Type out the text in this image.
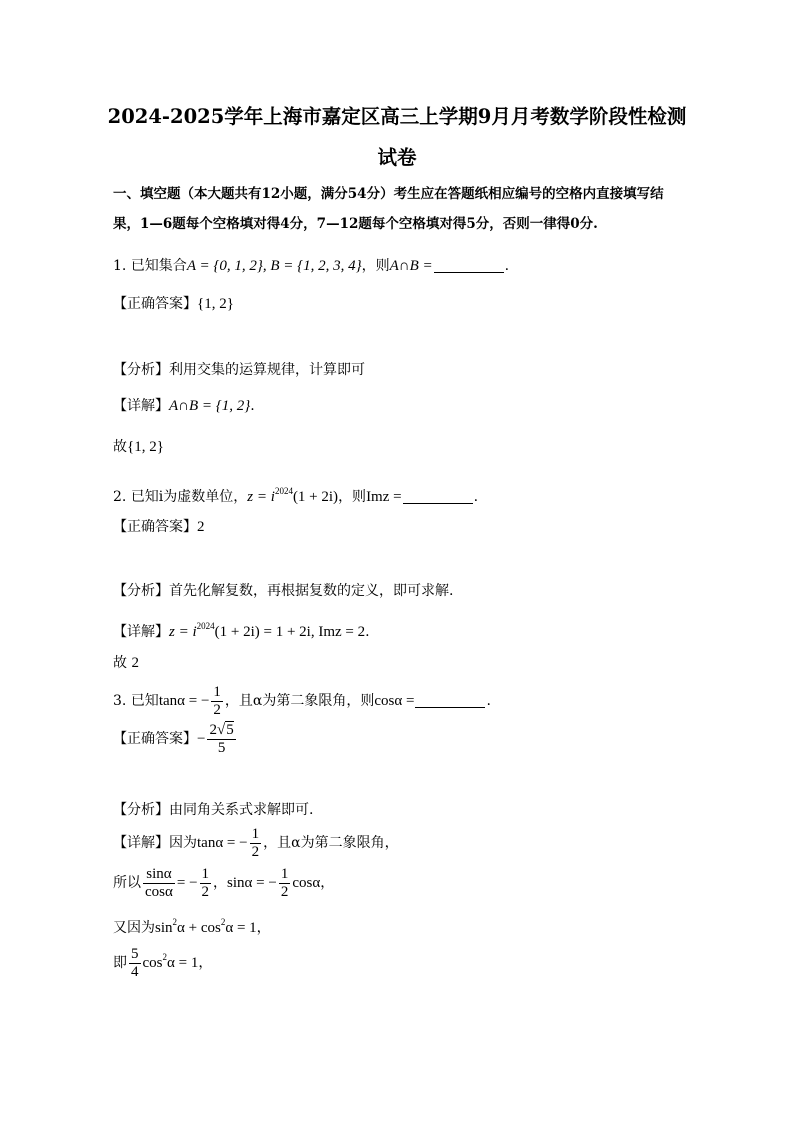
2024-2025学年上海市嘉定区高三上学期9月月考数学阶段性检测
试卷
一、填空题（本大题共有12小题，满分54分）考生应在答题纸相应编号的空格内直接填写结
果，1—6题每个空格填对得4分，7—12题每个空格填对得5分，否则一律得0分.
1. 已知集合A = {0, 1, 2}, B = {1, 2, 3, 4}，则A∩B =	.
【正确答案】{1, 2}
【分析】利用交集的运算规律，计算即可
【详解】A∩B = {1, 2}.
故{1, 2}
2. 已知i为虚数单位，$z = i^{2024}(1 + 2i)$，则Imz =	.
【正确答案】2
【分析】首先化解复数，再根据复数的定义，即可求解.
【详解】$z = i^{2024}(1 + 2i) = 1 + 2i$, Imz = 2.
故 2
3. 已知tanα = − $\frac{1}{2}$ ，且α为第二象限角，则cosα =	.
【正确答案】− $\frac{2√5}{5}$
【分析】由同角关系式求解即可.
【详解】因为tanα = − $\frac{1}{2}$ ，且α为第二象限角，
所以 $\frac{\sin\alpha}{\cos\alpha}$ = − $\frac{1}{2}$ ，sinα = − $\frac{1}{2}$ cosα，
又因为$\sin^2\alpha + \cos^2\alpha = 1$，
即 $\frac{5}{4} \cos^2\alpha = 1$，
